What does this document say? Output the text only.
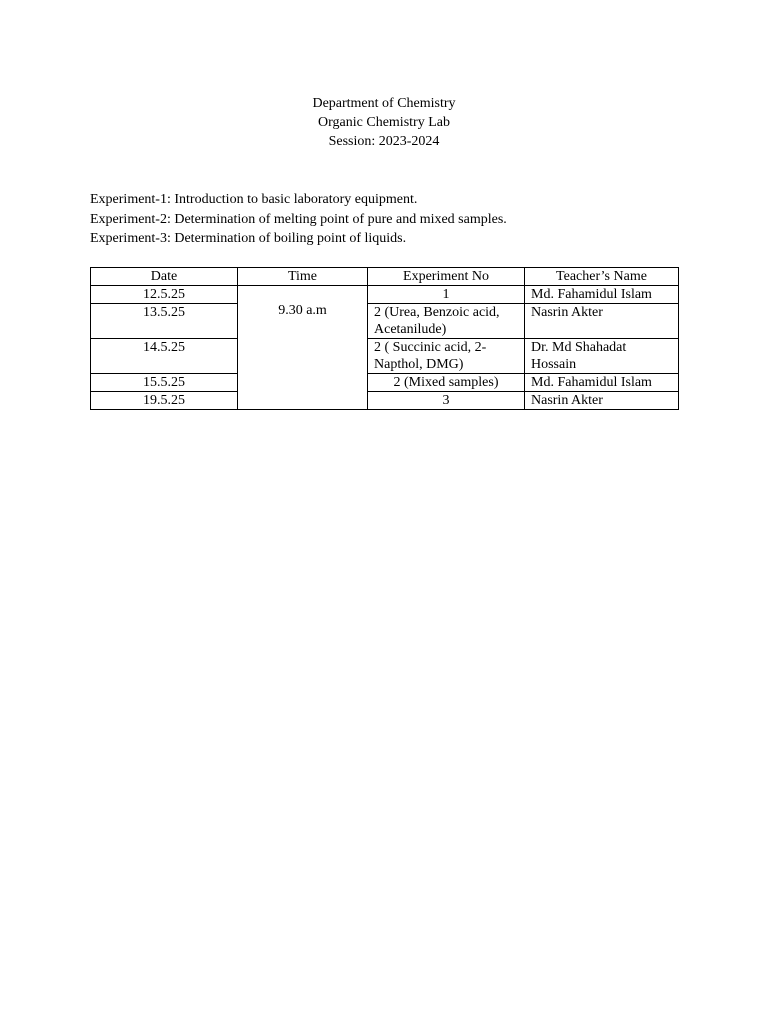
Department of Chemistry
Organic Chemistry Lab
Session: 2023-2024
Experiment-1: Introduction to basic laboratory equipment.
Experiment-2: Determination of melting point of pure and mixed samples.
Experiment-3: Determination of boiling point of liquids.
Date	Time	Experiment No	Teacher’s Name
12.5.25	9.30 a.m	1	Md. Fahamidul Islam
13.5.25		2 (Urea, Benzoic acid, Acetanilude)	Nasrin Akter
14.5.25		2 ( Succinic acid, 2-Napthol, DMG)	Dr. Md Shahadat Hossain
15.5.25		2 (Mixed samples)	Md. Fahamidul Islam
19.5.25		3	Nasrin Akter
